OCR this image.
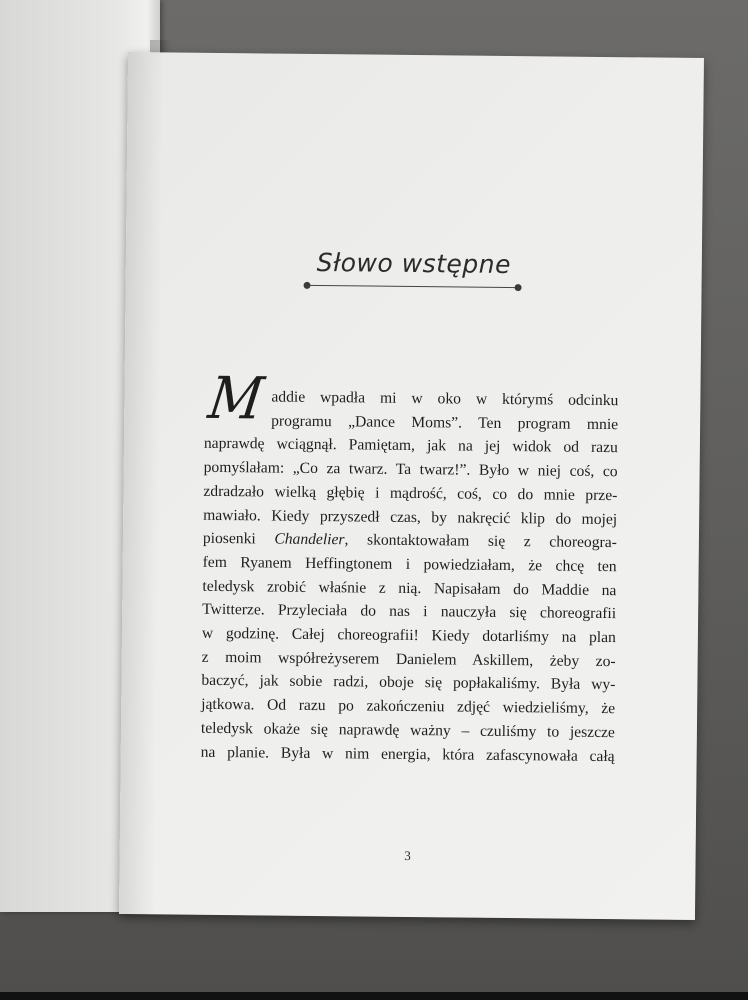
Słowo wstępne
M addie wpadła mi w oko w którymś odcinku
programu „Dance Moms”. Ten program mnie
naprawdę wciągnął. Pamiętam, jak na jej widok od razu
pomyślałam: „Co za twarz. Ta twarz!”. Było w niej coś, co
zdradzało wielką głębię i mądrość, coś, co do mnie prze-
mawiało. Kiedy przyszedł czas, by nakręcić klip do mojej
piosenki Chandelier, skontaktowałam się z choreogra-
fem Ryanem Heffingtonem i powiedziałam, że chcę ten
teledysk zrobić właśnie z nią. Napisałam do Maddie na
Twitterze. Przyleciała do nas i nauczyła się choreografii
w godzinę. Całej choreografii! Kiedy dotarliśmy na plan
z moim współreżyserem Danielem Askillem, żeby zo-
baczyć, jak sobie radzi, oboje się popłakaliśmy. Była wy-
jątkowa. Od razu po zakończeniu zdjęć wiedzieliśmy, że
teledysk okaże się naprawdę ważny – czuliśmy to jeszcze
na planie. Była w nim energia, która zafascynowała całą
3
